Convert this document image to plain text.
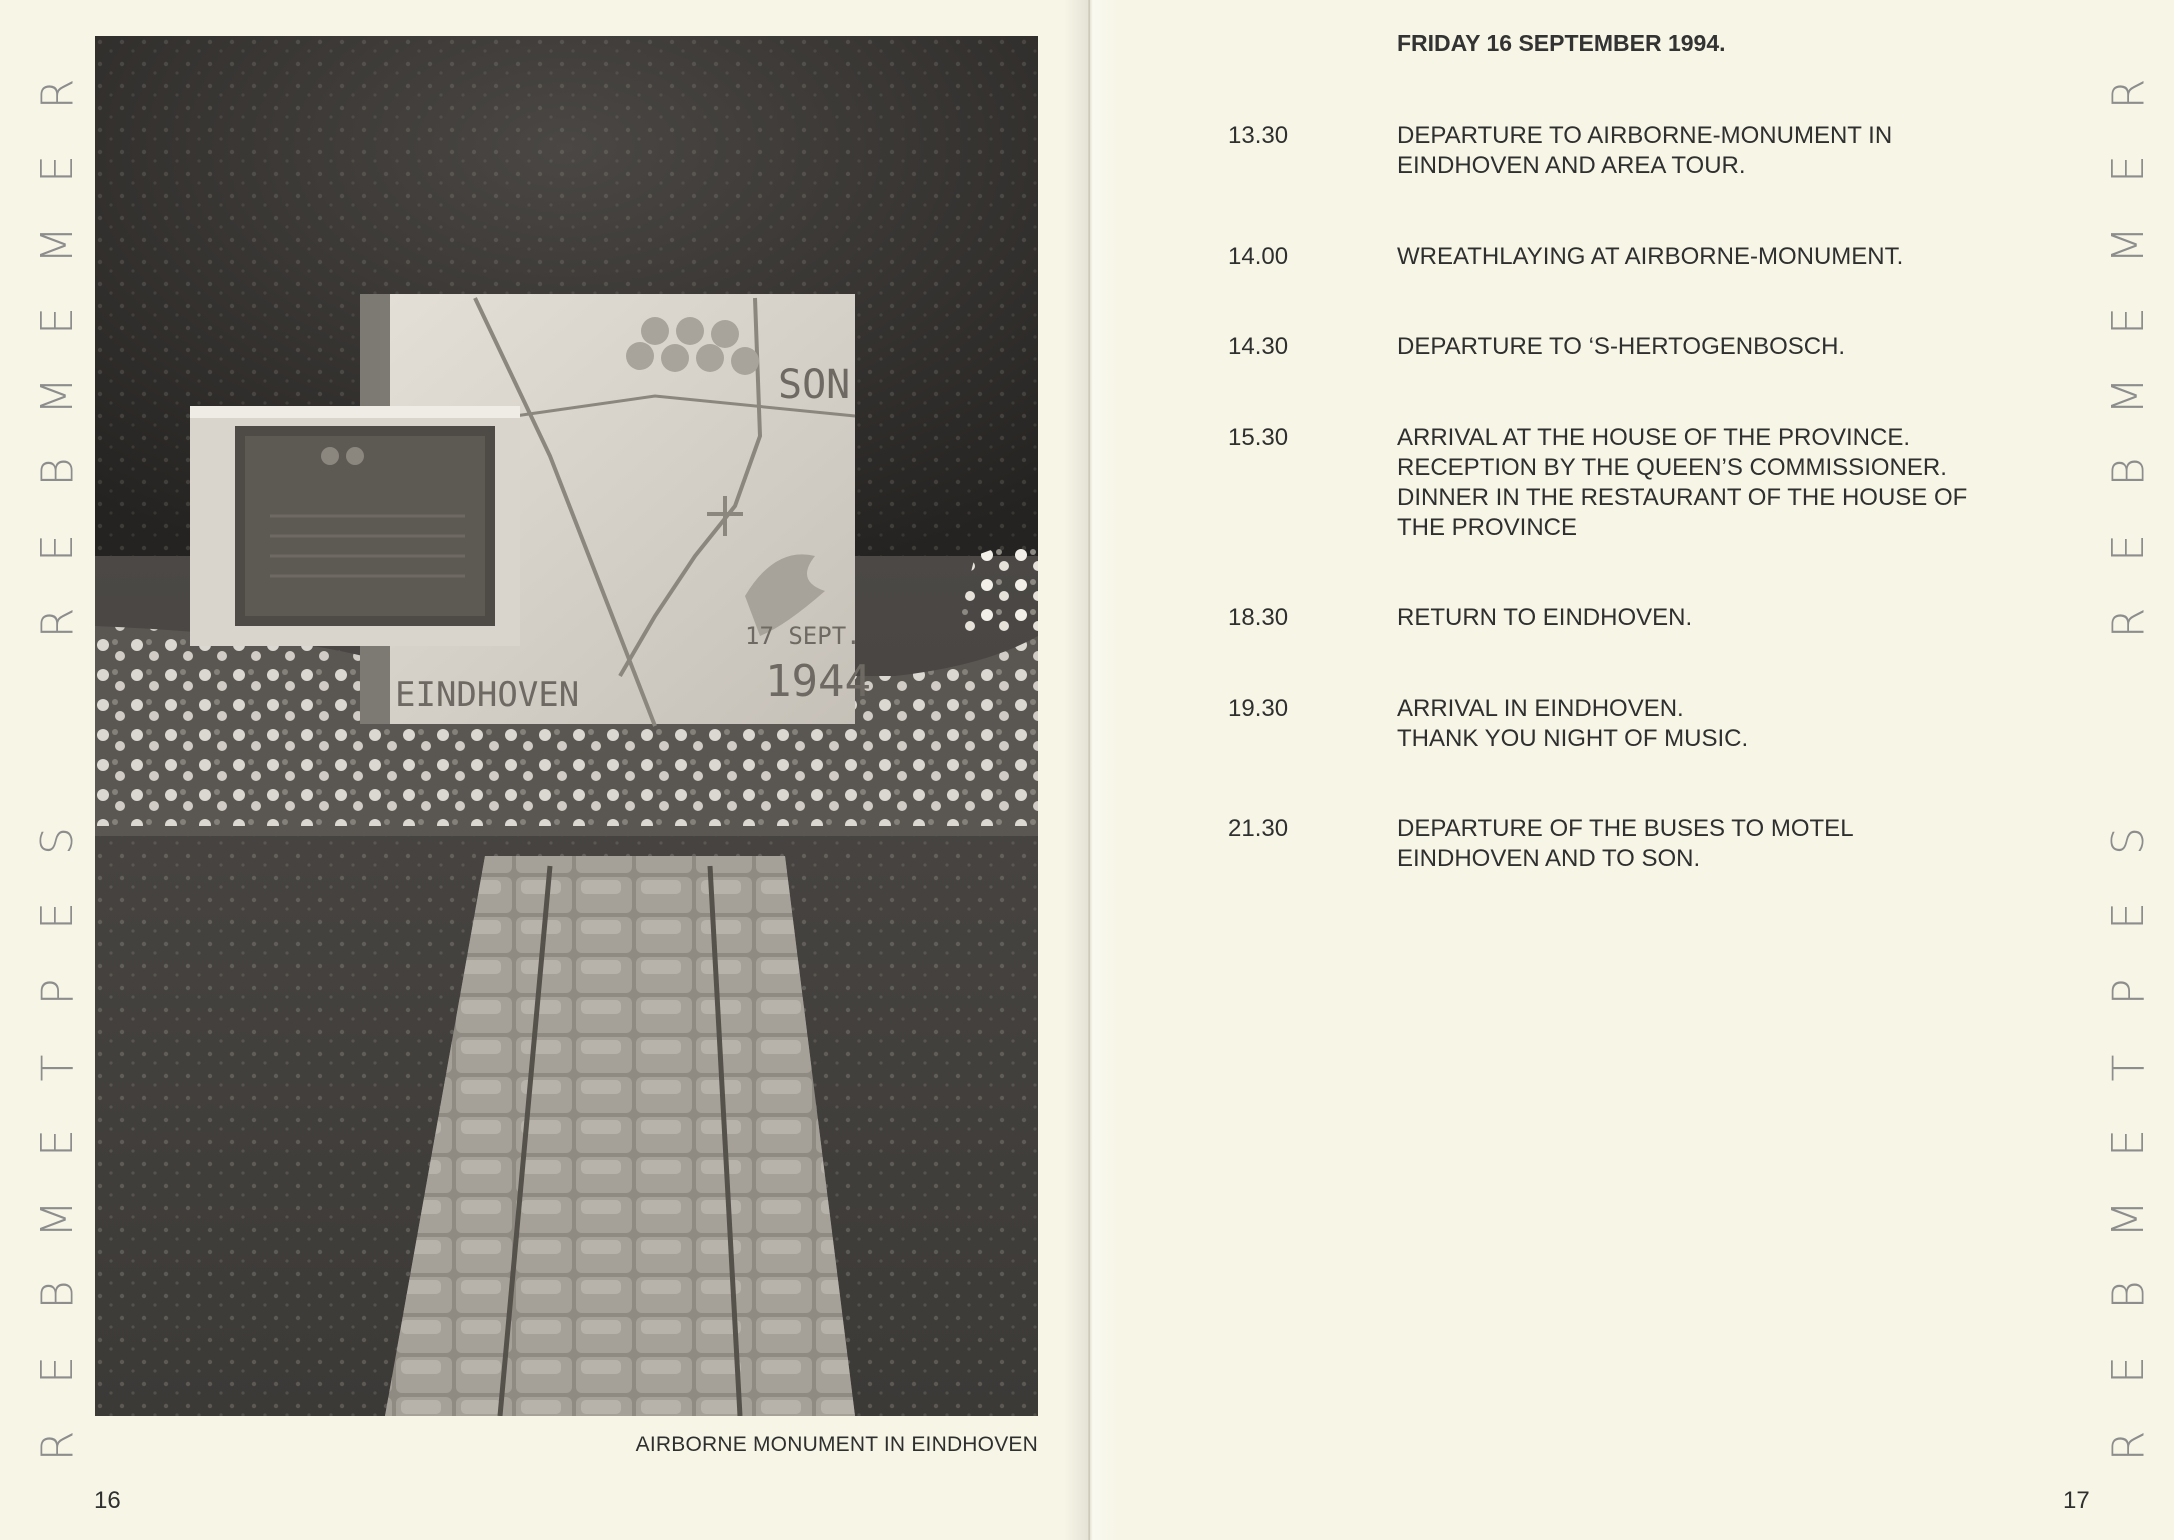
R
E
M
E
M
B
E
R
S
E
P
T
E
M
B
E
R
R
E
M
E
M
B
E
R
S
E
P
T
E
M
B
E
R
SON
EINDHOVEN
17 SEPT.
1944
AIRBORNE MONUMENT IN EINDHOVEN
16
FRIDAY 16 SEPTEMBER 1994.
13.30	DEPARTURE TO AIRBORNE-MONUMENT IN
EINDHOVEN AND AREA TOUR.
14.00	WREATHLAYING AT AIRBORNE-MONUMENT.
14.30	DEPARTURE TO ‘S-HERTOGENBOSCH.
15.30	ARRIVAL AT THE HOUSE OF THE PROVINCE.
RECEPTION BY THE QUEEN’S COMMISSIONER.
DINNER IN THE RESTAURANT OF THE HOUSE OF
THE PROVINCE
18.30	RETURN TO EINDHOVEN.
19.30	ARRIVAL IN EINDHOVEN.
THANK YOU NIGHT OF MUSIC.
21.30	DEPARTURE OF THE BUSES TO MOTEL
EINDHOVEN AND TO SON.
17
